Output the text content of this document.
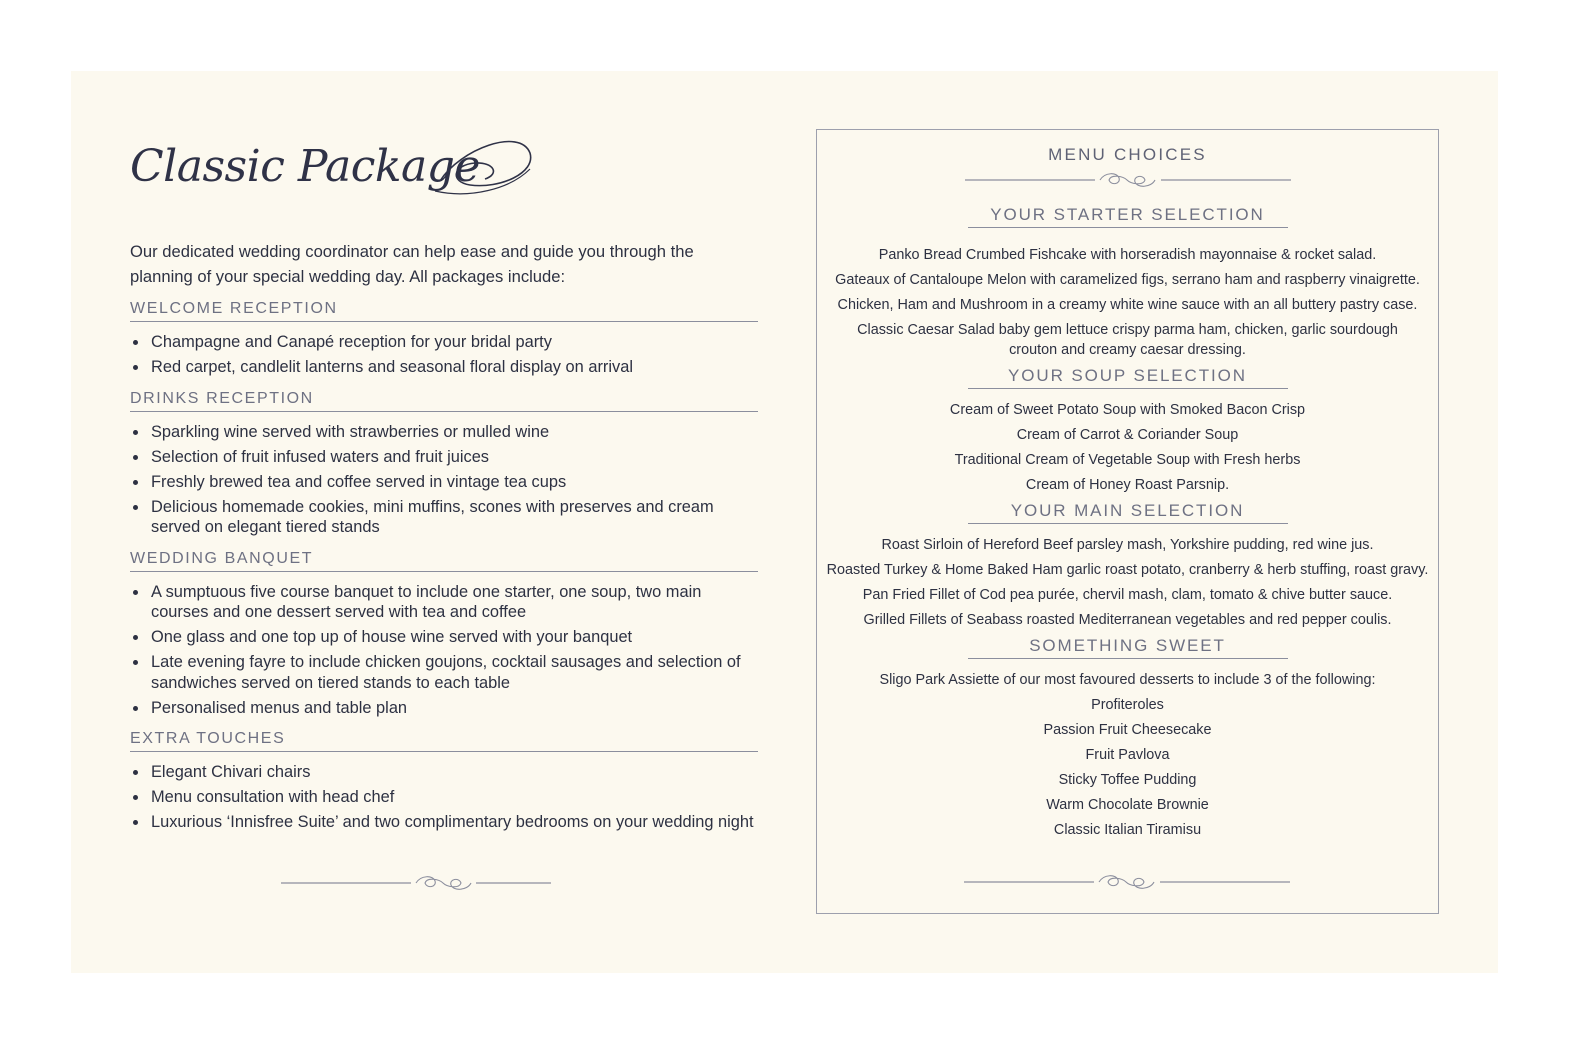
Classic Package

Our dedicated wedding coordinator can help ease and guide you through the planning of your special wedding day. All packages include:

WELCOME RECEPTION
Champagne and Canapé reception for your bridal party
Red carpet, candlelit lanterns and seasonal floral display on arrival
DRINKS RECEPTION
Sparkling wine served with strawberries or mulled wine
Selection of fruit infused waters and fruit juices
Freshly brewed tea and coffee served in vintage tea cups
Delicious homemade cookies, mini muffins, scones with preserves and cream served on elegant tiered stands
WEDDING BANQUET
A sumptuous five course banquet to include one starter, one soup, two main courses and one dessert served with tea and coffee
One glass and one top up of house wine served with your banquet
Late evening fayre to include chicken goujons, cocktail sausages and selection of sandwiches served on tiered stands to each table
Personalised menus and table plan
EXTRA TOUCHES
Elegant Chivari chairs
Menu consultation with head chef
Luxurious ‘Innisfree Suite’ and two complimentary bedrooms on your wedding night
MENU CHOICES
YOUR STARTER SELECTION

Panko Bread Crumbed Fishcake with horseradish mayonnaise & rocket salad.

Gateaux of Cantaloupe Melon with caramelized figs, serrano ham and raspberry vinaigrette.

Chicken, Ham and Mushroom in a creamy white wine sauce with an all buttery pastry case.

Classic Caesar Salad baby gem lettuce crispy parma ham, chicken, garlic sourdough crouton and creamy caesar dressing.

YOUR SOUP SELECTION

Cream of Sweet Potato Soup with Smoked Bacon Crisp

Cream of Carrot & Coriander Soup

Traditional Cream of Vegetable Soup with Fresh herbs

Cream of Honey Roast Parsnip.

YOUR MAIN SELECTION

Roast Sirloin of Hereford Beef parsley mash, Yorkshire pudding, red wine jus.

Roasted Turkey & Home Baked Ham garlic roast potato, cranberry & herb stuffing, roast gravy.

Pan Fried Fillet of Cod pea purée, chervil mash, clam, tomato & chive butter sauce.

Grilled Fillets of Seabass roasted Mediterranean vegetables and red pepper coulis.

SOMETHING SWEET

Sligo Park Assiette of our most favoured desserts to include 3 of the following:

Profiteroles

Passion Fruit Cheesecake

Fruit Pavlova

Sticky Toffee Pudding

Warm Chocolate Brownie

Classic Italian Tiramisu
